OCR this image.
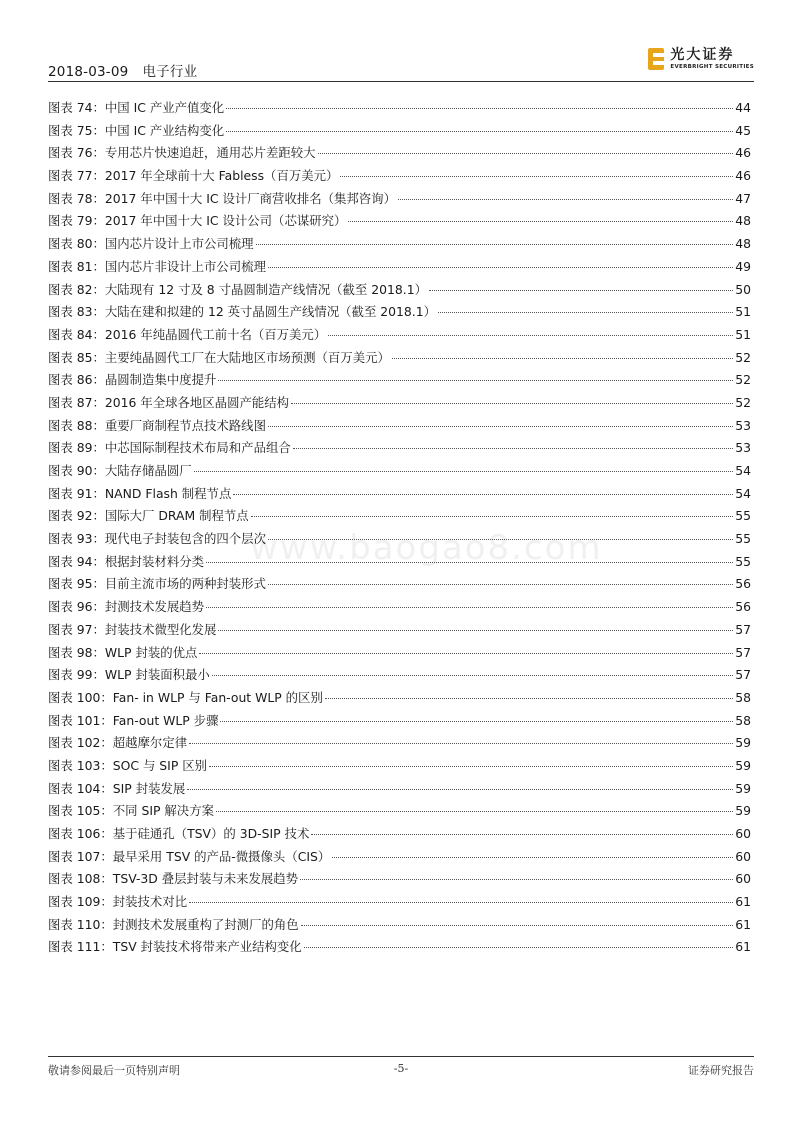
2018-03-09 电子行业
光大证券
EVERBRIGHT SECURITIES
www.baogao8.com
图表 74：中国 IC 产业产值变化	44
图表 75：中国 IC 产业结构变化	45
图表 76：专用芯片快速追赶，通用芯片差距较大	46
图表 77：2017 年全球前十大 Fabless（百万美元）	46
图表 78：2017 年中国十大 IC 设计厂商营收排名（集邦咨询）	47
图表 79：2017 年中国十大 IC 设计公司（芯谋研究）	48
图表 80：国内芯片设计上市公司梳理	48
图表 81：国内芯片非设计上市公司梳理	49
图表 82：大陆现有 12 寸及 8 寸晶圆制造产线情况（截至 2018.1）	50
图表 83：大陆在建和拟建的 12 英寸晶圆生产线情况（截至 2018.1）	51
图表 84：2016 年纯晶圆代工前十名（百万美元）	51
图表 85：主要纯晶圆代工厂在大陆地区市场预测（百万美元）	52
图表 86：晶圆制造集中度提升	52
图表 87：2016 年全球各地区晶圆产能结构	52
图表 88：重要厂商制程节点技术路线图	53
图表 89：中芯国际制程技术布局和产品组合	53
图表 90：大陆存储晶圆厂	54
图表 91：NAND Flash 制程节点	54
图表 92：国际大厂 DRAM 制程节点	55
图表 93：现代电子封装包含的四个层次	55
图表 94：根据封装材料分类	55
图表 95：目前主流市场的两种封装形式	56
图表 96：封测技术发展趋势	56
图表 97：封装技术微型化发展	57
图表 98：WLP 封装的优点	57
图表 99：WLP 封装面积最小	57
图表 100：Fan- in WLP 与 Fan-out WLP 的区别	58
图表 101：Fan-out WLP 步骤	58
图表 102：超越摩尔定律	59
图表 103：SOC 与 SIP 区别	59
图表 104：SIP 封装发展	59
图表 105：不同 SIP 解决方案	59
图表 106：基于硅通孔（TSV）的 3D-SIP 技术	60
图表 107：最早采用 TSV 的产品-微摄像头（CIS）	60
图表 108：TSV-3D 叠层封装与未来发展趋势	60
图表 109：封装技术对比	61
图表 110：封测技术发展重构了封测厂的角色	61
图表 111：TSV 封装技术将带来产业结构变化	61
敬请参阅最后一页特别声明	-5-	证券研究报告
